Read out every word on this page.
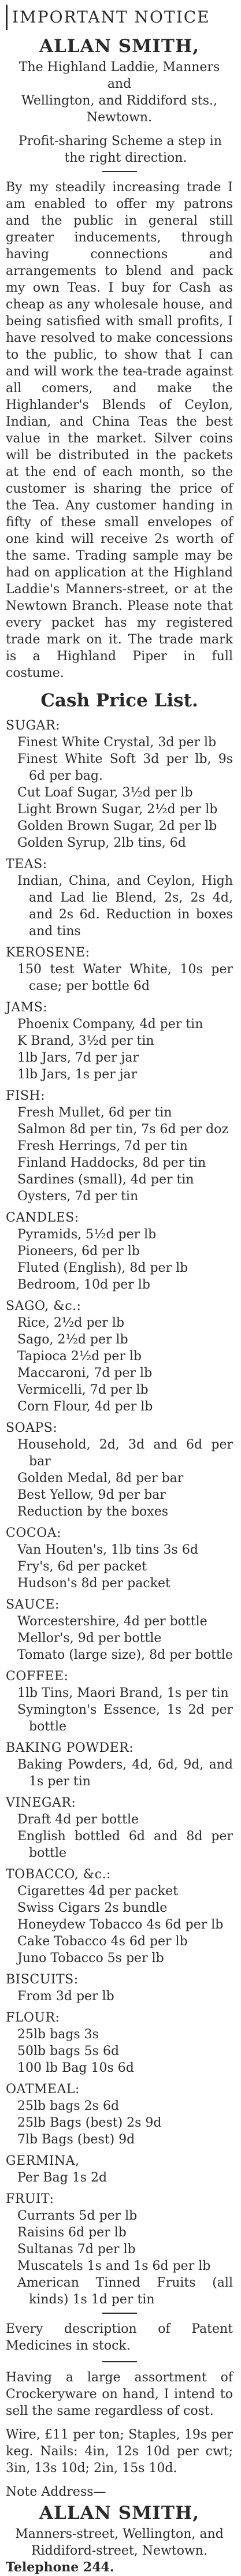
IMPORTANT NOTICE
ALLAN SMITH,
The Highland Laddie, Manners and
Wellington, and Riddiford sts.,
Newtown.
Profit-sharing Scheme a step in
the right direction.

By my steadily increasing trade I am enabled to offer my patrons and the public in general still greater inducements, through having connections and arrangements to blend and pack my own Teas. I buy for Cash as cheap as any wholesale house, and being satisfied with small profits, I have resolved to make concessions to the public, to show that I can and will work the tea-trade against all comers, and make the Highlander's Blends of Ceylon, Indian, and China Teas the best value in the market. Silver coins will be distributed in the packets at the end of each month, so the customer is sharing the price of the Tea. Any customer handing in fifty of these small envelopes of one kind will receive 2s worth of the same. Trading sample may be had on application at the Highland Laddie's Manners-street, or at the Newtown Branch. Please note that every packet has my registered trade mark on it. The trade mark is a Highland Piper in full costume.

Cash Price List.
SUGAR:
Finest White Crystal, 3d per lb
Finest White Soft 3d per lb, 9s 6d per bag.
Cut Loaf Sugar, 3½d per lb
Light Brown Sugar, 2½d per lb
Golden Brown Sugar, 2d per lb
Golden Syrup, 2lb tins, 6d
TEAS:
Indian, China, and Ceylon, High and Lad lie Blend, 2s, 2s 4d, and 2s 6d. Reduction in boxes and tins
KEROSENE:
150 test Water White, 10s per case; per bottle 6d
JAMS:
Phoenix Company, 4d per tin
K Brand, 3½d per tin
1lb Jars, 7d per jar
1lb Jars, 1s per jar
FISH:
Fresh Mullet, 6d per tin
Salmon 8d per tin, 7s 6d per doz
Fresh Herrings, 7d per tin
Finland Haddocks, 8d per tin
Sardines (small), 4d per tin
Oysters, 7d per tin
CANDLES:
Pyramids, 5½d per lb
Pioneers, 6d per lb
Fluted (English), 8d per lb
Bedroom, 10d per lb
SAGO, &c.:
Rice, 2½d per lb
Sago, 2½d per lb
Tapioca 2½d per lb
Maccaroni, 7d per lb
Vermicelli, 7d per lb
Corn Flour, 4d per lb
SOAPS:
Household, 2d, 3d and 6d per bar
Golden Medal, 8d per bar
Best Yellow, 9d per bar
Reduction by the boxes
COCOA:
Van Houten's, 1lb tins 3s 6d
Fry's, 6d per packet
Hudson's 8d per packet
SAUCE:
Worcestershire, 4d per bottle
Mellor's, 9d per bottle
Tomato (large size), 8d per bottle
COFFEE:
1lb Tins, Maori Brand, 1s per tin
Symington's Essence, 1s 2d per bottle
BAKING POWDER:
Baking Powders, 4d, 6d, 9d, and 1s per tin
VINEGAR:
Draft 4d per bottle
English bottled 6d and 8d per bottle
TOBACCO, &c.:
Cigarettes 4d per packet
Swiss Cigars 2s bundle
Honeydew Tobacco 4s 6d per lb
Cake Tobacco 4s 6d per lb
Juno Tobacco 5s per lb
BISCUITS:
From 3d per lb
FLOUR:
25lb bags 3s
50lb bags 5s 6d
100 lb Bag 10s 6d
OATMEAL:
25lb bags 2s 6d
25lb Bags (best) 2s 9d
7lb Bags (best) 9d
GERMINA,
Per Bag 1s 2d
FRUIT:
Currants 5d per lb
Raisins 6d per lb
Sultanas 7d per lb
Muscatels 1s and 1s 6d per lb
American Tinned Fruits (all kinds) 1s 1d per tin

Every description of Patent Medicines in stock.

Having a large assortment of Crockeryware on hand, I intend to sell the same regardless of cost.

Wire, £11 per ton; Staples, 19s per keg. Nails: 4in, 12s 10d per cwt; 3in, 13s 10d; 2in, 15s 10d.

Note Address—
ALLAN SMITH,
Manners-street, Wellington, and Riddiford-street, Newtown.
Telephone 244.
